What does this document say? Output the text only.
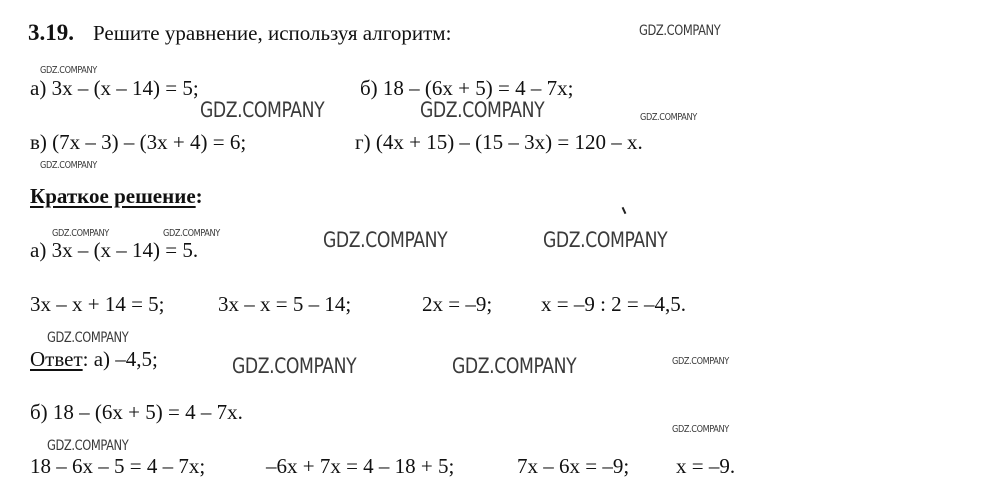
3.19. Решите уравнение, используя алгоритм:
а) 3х – (х – 14) = 5;	б) 18 – (6х + 5) = 4 – 7х;
в) (7х – 3) – (3х + 4) = 6;	г) (4х + 15) – (15 – 3х) = 120 – х.
Краткое решение:
а) 3х – (х – 14) = 5.
3х – х + 14 = 5;	3х – х = 5 – 14;	2х = –9; х = –9 : 2 = –4,5.
Ответ: а) –4,5;
б) 18 – (6х + 5) = 4 – 7х.
18 – 6х – 5 = 4 – 7х;	–6х + 7х = 4 – 18 + 5;	7х – 6х = –9; х = –9.
GDZ.COMPANY
GDZ.COMPANY
GDZ.COMPANY	GDZ.COMPANY	GDZ.COMPANY
GDZ.COMPANY
GDZ.COMPANY	GDZ.COMPANY	GDZ.COMPANY	GDZ.COMPANY
GDZ.COMPANY
GDZ.COMPANY	GDZ.COMPANY	GDZ.COMPANY
GDZ.COMPANY
GDZ.COMPANY
